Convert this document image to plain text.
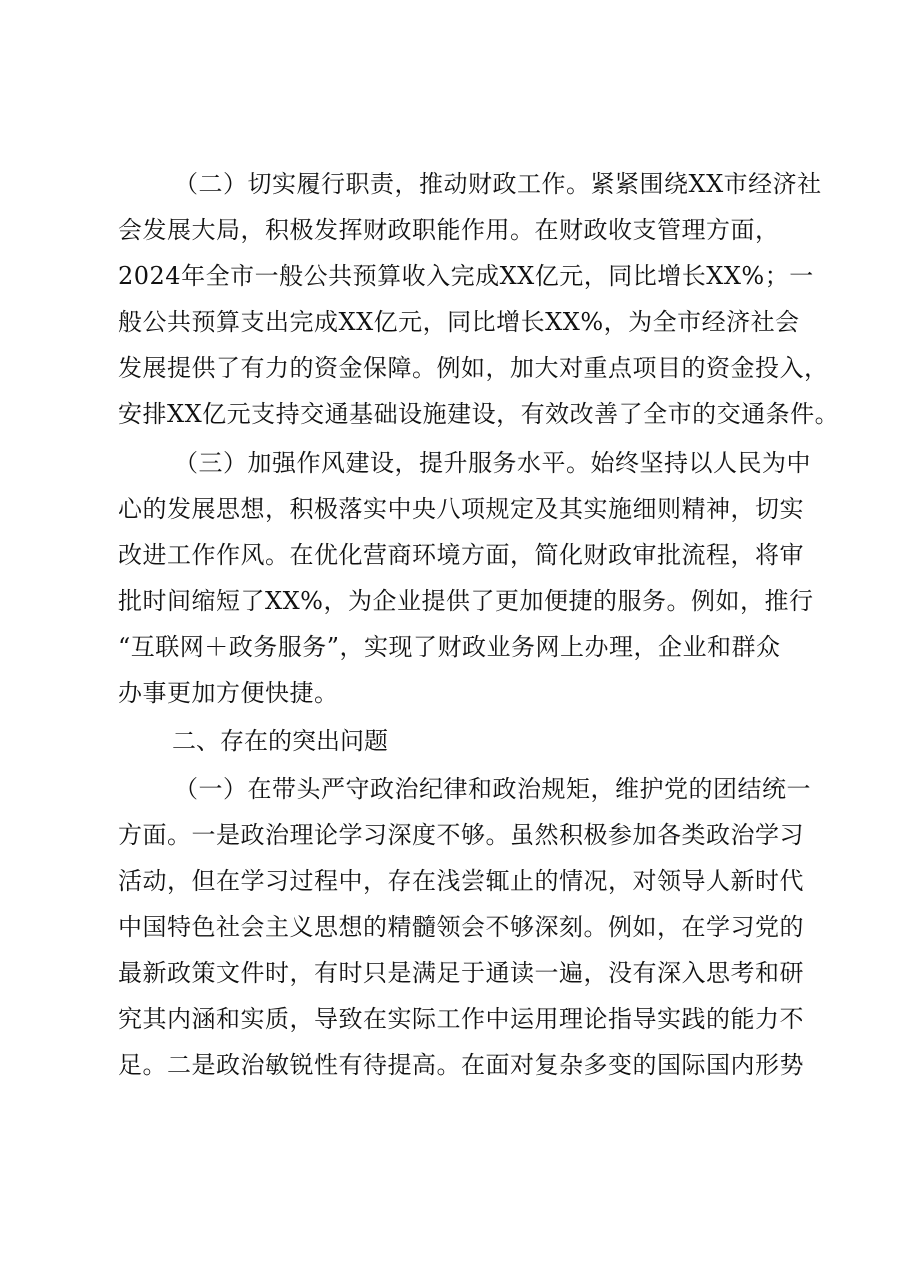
（二）切实履行职责，推动财政工作。紧紧围绕XX市经济社
会发展大局，积极发挥财政职能作用。在财政收支管理方面，
2024年全市一般公共预算收入完成XX亿元，同比增长XX%；一
般公共预算支出完成XX亿元，同比增长XX%，为全市经济社会
发展提供了有力的资金保障。例如，加大对重点项目的资金投入，
安排XX亿元支持交通基础设施建设，有效改善了全市的交通条件。
（三）加强作风建设，提升服务水平。始终坚持以人民为中
心的发展思想，积极落实中央八项规定及其实施细则精神，切实
改进工作作风。在优化营商环境方面，简化财政审批流程，将审
批时间缩短了XX%，为企业提供了更加便捷的服务。例如，推行
“互联网＋政务服务”，实现了财政业务网上办理，企业和群众
办事更加方便快捷。
二、存在的突出问题
（一）在带头严守政治纪律和政治规矩，维护党的团结统一
方面。一是政治理论学习深度不够。虽然积极参加各类政治学习
活动，但在学习过程中，存在浅尝辄止的情况，对领导人新时代
中国特色社会主义思想的精髓领会不够深刻。例如，在学习党的
最新政策文件时，有时只是满足于通读一遍，没有深入思考和研
究其内涵和实质，导致在实际工作中运用理论指导实践的能力不
足。二是政治敏锐性有待提高。在面对复杂多变的国际国内形势
